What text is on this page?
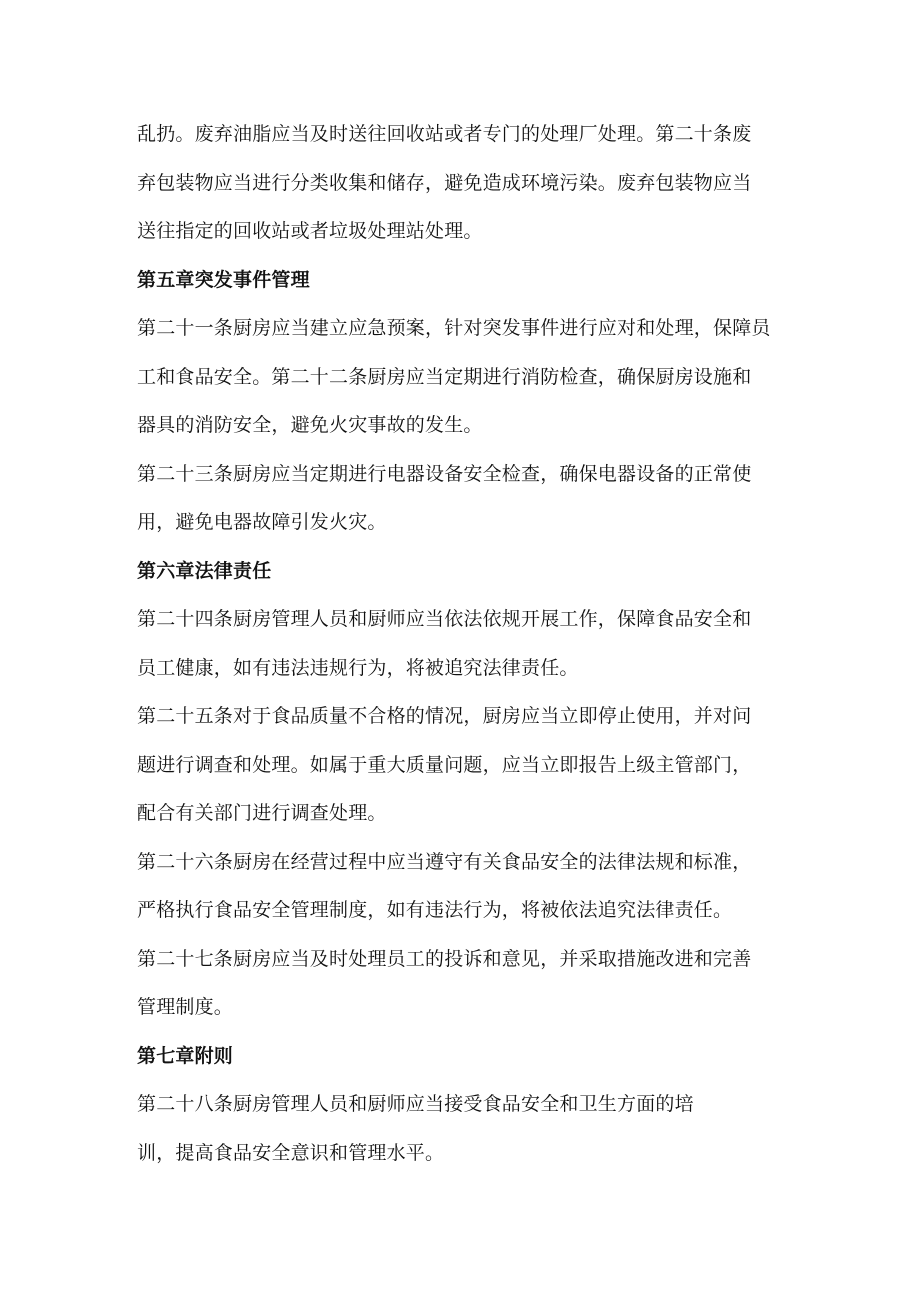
乱扔。废弃油脂应当及时送往回收站或者专门的处理厂处理。第二十条废
弃包装物应当进行分类收集和储存，避免造成环境污染。废弃包装物应当
送往指定的回收站或者垃圾处理站处理。
第五章突发事件管理
第二十一条厨房应当建立应急预案，针对突发事件进行应对和处理，保障员
工和食品安全。第二十二条厨房应当定期进行消防检查，确保厨房设施和
器具的消防安全，避免火灾事故的发生。
第二十三条厨房应当定期进行电器设备安全检查，确保电器设备的正常使
用，避免电器故障引发火灾。
第六章法律责任
第二十四条厨房管理人员和厨师应当依法依规开展工作，保障食品安全和
员工健康，如有违法违规行为，将被追究法律责任。
第二十五条对于食品质量不合格的情况，厨房应当立即停止使用，并对问
题进行调查和处理。如属于重大质量问题，应当立即报告上级主管部门，
配合有关部门进行调查处理。
第二十六条厨房在经营过程中应当遵守有关食品安全的法律法规和标准，
严格执行食品安全管理制度，如有违法行为，将被依法追究法律责任。
第二十七条厨房应当及时处理员工的投诉和意见，并采取措施改进和完善
管理制度。
第七章附则
第二十八条厨房管理人员和厨师应当接受食品安全和卫生方面的培
训，提高食品安全意识和管理水平。
